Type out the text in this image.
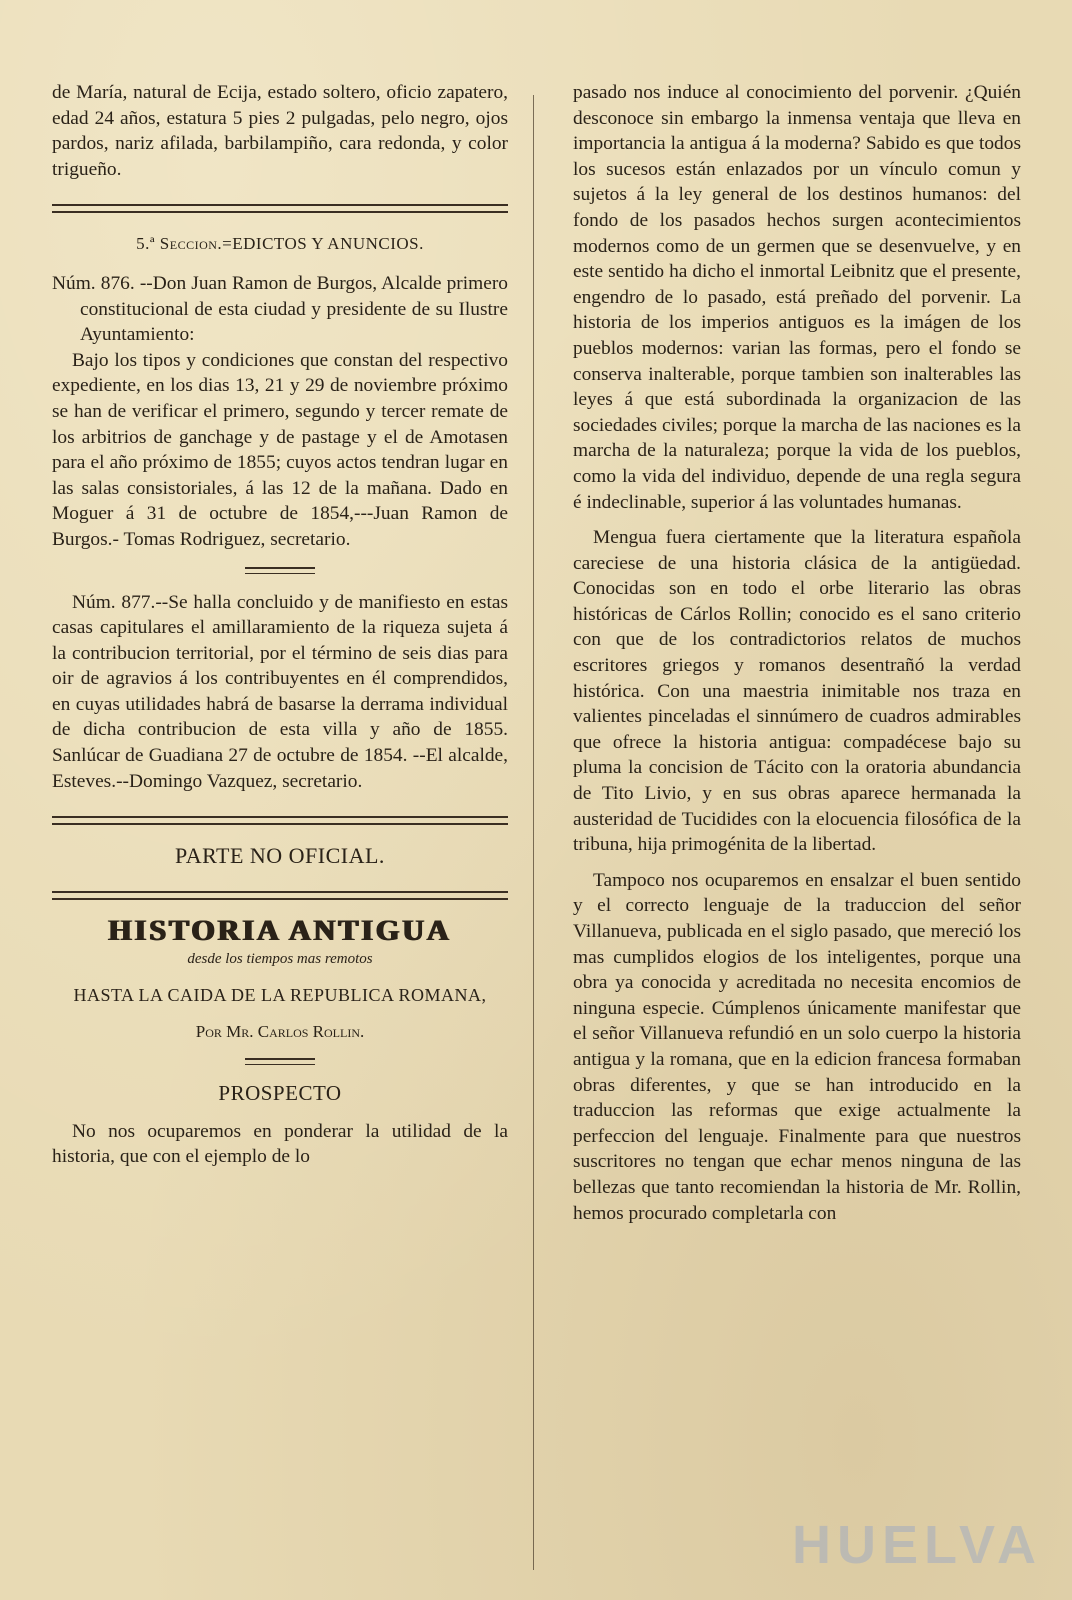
de María, natural de Ecija, estado soltero, oficio zapatero, edad 24 años, estatura 5 pies 2 pulgadas, pelo negro, ojos pardos, nariz afilada, barbilampiño, cara redonda, y color trigueño.

5.ª Seccion.=EDICTOS Y ANUNCIOS.

Núm. 876. --Don Juan Ramon de Burgos, Alcalde primero constitucional de esta ciudad y presidente de su Ilustre Ayuntamiento:

Bajo los tipos y condiciones que constan del respectivo expediente, en los dias 13, 21 y 29 de noviembre próximo se han de verificar el primero, segundo y tercer remate de los arbitrios de ganchage y de pastage y el de Amotasen para el año próximo de 1855; cuyos actos tendran lugar en las salas consistoriales, á las 12 de la mañana. Dado en Moguer á 31 de octubre de 1854,---Juan Ramon de Burgos.- Tomas Rodriguez, secretario.

Núm. 877.--Se halla concluido y de manifiesto en estas casas capitulares el amillaramiento de la riqueza sujeta á la contribucion territorial, por el término de seis dias para oir de agravios á los contribuyentes en él comprendidos, en cuyas utilidades habrá de basarse la derrama individual de dicha contribucion de esta villa y año de 1855. Sanlúcar de Guadiana 27 de octubre de 1854. --El alcalde, Esteves.--Domingo Vazquez, secretario.

PARTE NO OFICIAL.
HISTORIA ANTIGUA
desde los tiempos mas remotos
HASTA LA CAIDA DE LA REPUBLICA ROMANA,
Por Mr. Carlos Rollin.
PROSPECTO

No nos ocuparemos en ponderar la utilidad de la historia, que con el ejemplo de lo

pasado nos induce al conocimiento del porvenir. ¿Quién desconoce sin embargo la inmensa ventaja que lleva en importancia la antigua á la moderna? Sabido es que todos los sucesos están enlazados por un vínculo comun y sujetos á la ley general de los destinos humanos: del fondo de los pasados hechos surgen acontecimientos modernos como de un germen que se desenvuelve, y en este sentido ha dicho el inmortal Leibnitz que el presente, engendro de lo pasado, está preñado del porvenir. La historia de los imperios antiguos es la imágen de los pueblos modernos: varian las formas, pero el fondo se conserva inalterable, porque tambien son inalterables las leyes á que está subordinada la organizacion de las sociedades civiles; porque la marcha de las naciones es la marcha de la naturaleza; porque la vida de los pueblos, como la vida del individuo, depende de una regla segura é indeclinable, superior á las voluntades humanas.

Mengua fuera ciertamente que la literatura española careciese de una historia clásica de la antigüedad. Conocidas son en todo el orbe literario las obras históricas de Cárlos Rollin; conocido es el sano criterio con que de los contradictorios relatos de muchos escritores griegos y romanos desentrañó la verdad histórica. Con una maestria inimitable nos traza en valientes pinceladas el sinnúmero de cuadros admirables que ofrece la historia antigua: compadécese bajo su pluma la concision de Tácito con la oratoria abundancia de Tito Livio, y en sus obras aparece hermanada la austeridad de Tucidides con la elocuencia filosófica de la tribuna, hija primogénita de la libertad.

Tampoco nos ocuparemos en ensalzar el buen sentido y el correcto lenguaje de la traduccion del señor Villanueva, publicada en el siglo pasado, que mereció los mas cumplidos elogios de los inteligentes, porque una obra ya conocida y acreditada no necesita encomios de ninguna especie. Cúmplenos únicamente manifestar que el señor Villanueva refundió en un solo cuerpo la historia antigua y la romana, que en la edicion francesa formaban obras diferentes, y que se han introducido en la traduccion las reformas que exige actualmente la perfeccion del lenguaje. Finalmente para que nuestros suscritores no tengan que echar menos ninguna de las bellezas que tanto recomiendan la historia de Mr. Rollin, hemos procurado completarla con

HUELVA
